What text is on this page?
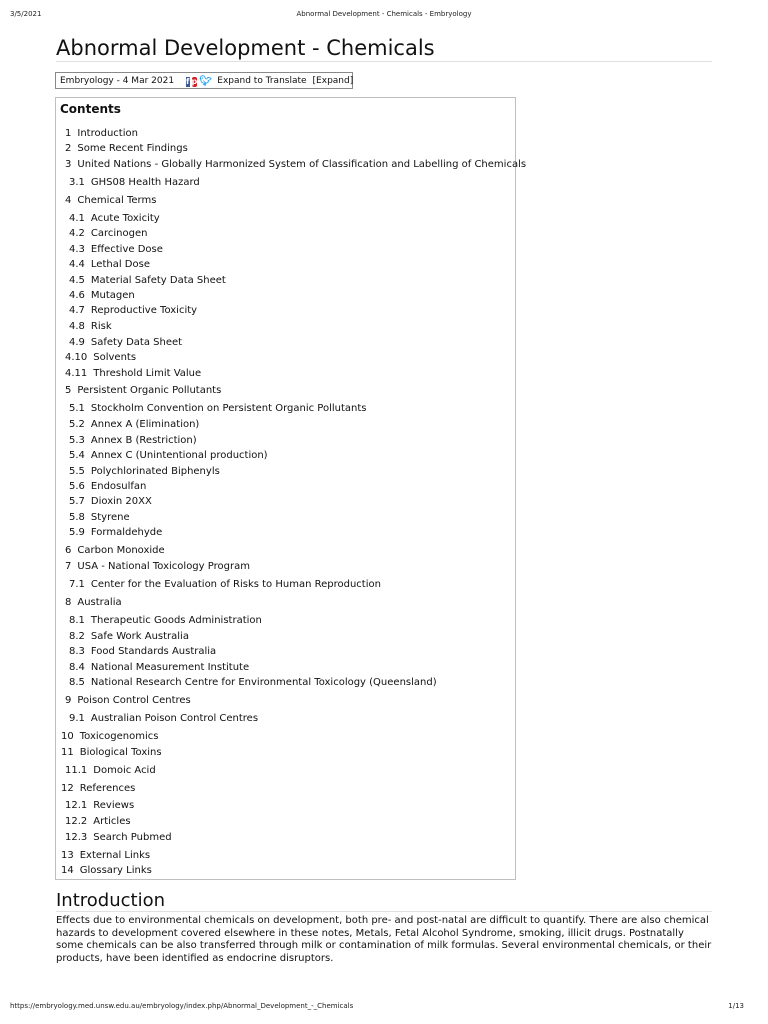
3/5/2021	Abnormal Development - Chemicals - Embryology
Abnormal Development - Chemicals
Embryology - 4 Mar 2021 f p 🐦︎ Expand to Translate [Expand]
Contents
1 Introduction
2 Some Recent Findings
3 United Nations - Globally Harmonized System of Classification and Labelling of Chemicals
3.1 GHS08 Health Hazard
4 Chemical Terms
4.1 Acute Toxicity
4.2 Carcinogen
4.3 Effective Dose
4.4 Lethal Dose
4.5 Material Safety Data Sheet
4.6 Mutagen
4.7 Reproductive Toxicity
4.8 Risk
4.9 Safety Data Sheet
4.10 Solvents
4.11 Threshold Limit Value
5 Persistent Organic Pollutants
5.1 Stockholm Convention on Persistent Organic Pollutants
5.2 Annex A (Elimination)
5.3 Annex B (Restriction)
5.4 Annex C (Unintentional production)
5.5 Polychlorinated Biphenyls
5.6 Endosulfan
5.7 Dioxin 20XX
5.8 Styrene
5.9 Formaldehyde
6 Carbon Monoxide
7 USA - National Toxicology Program
7.1 Center for the Evaluation of Risks to Human Reproduction
8 Australia
8.1 Therapeutic Goods Administration
8.2 Safe Work Australia
8.3 Food Standards Australia
8.4 National Measurement Institute
8.5 National Research Centre for Environmental Toxicology (Queensland)
9 Poison Control Centres
9.1 Australian Poison Control Centres
10 Toxicogenomics
11 Biological Toxins
11.1 Domoic Acid
12 References
12.1 Reviews
12.2 Articles
12.3 Search Pubmed
13 External Links
14 Glossary Links
Introduction
Effects due to environmental chemicals on development, both pre- and post-natal are difficult to quantify. There are also chemical hazards to development covered elsewhere in these notes, Metals, Fetal Alcohol Syndrome, smoking, illicit drugs. Postnatally some chemicals can be also transferred through milk or contamination of milk formulas. Several environmental chemicals, or their products, have been identified as endocrine disruptors.
https://embryology.med.unsw.edu.au/embryology/index.php/Abnormal_Development_-_Chemicals	1/13
